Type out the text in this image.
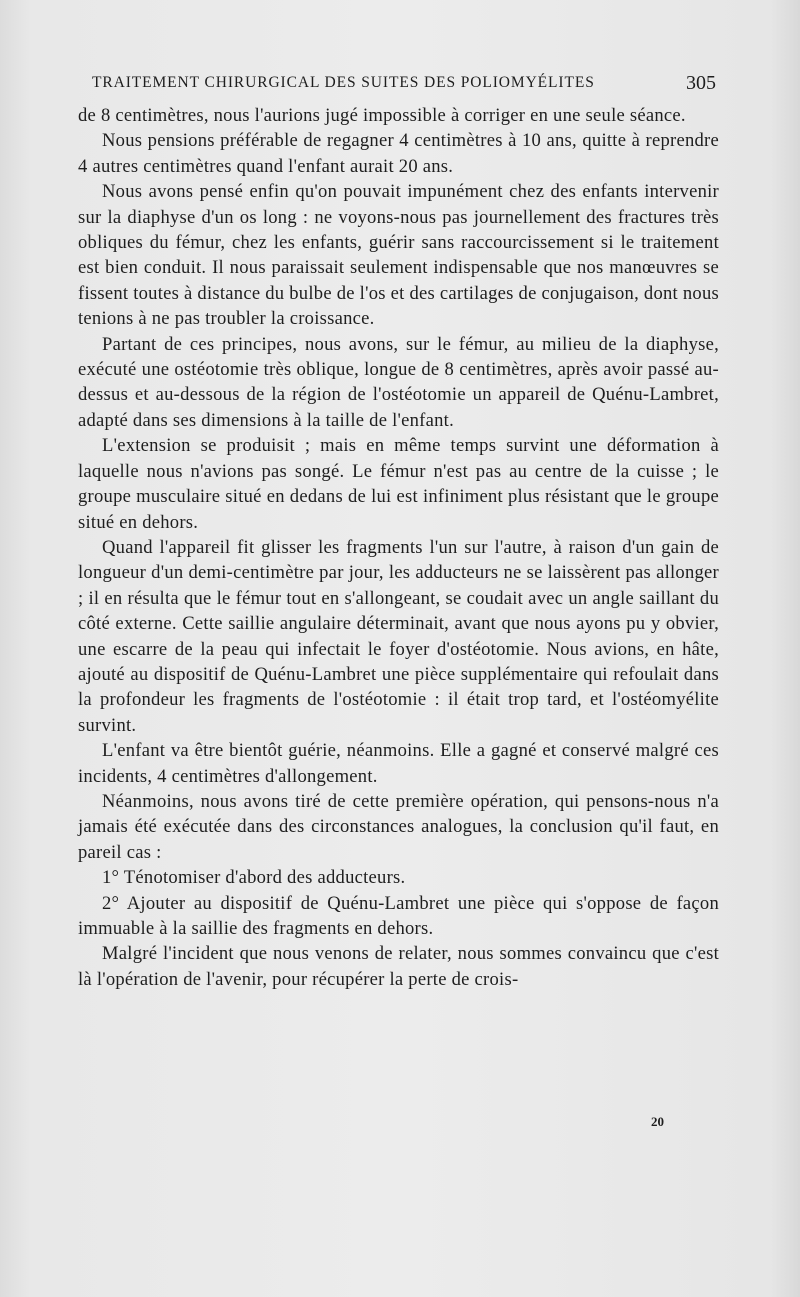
TRAITEMENT CHIRURGICAL DES SUITES DES POLIOMYÉLITES	305

de 8 centimètres, nous l'aurions jugé impossible à corriger en une seule séance.

Nous pensions préférable de regagner 4 centimètres à 10 ans, quitte à reprendre 4 autres centimètres quand l'enfant aurait 20 ans.

Nous avons pensé enfin qu'on pouvait impunément chez des enfants intervenir sur la diaphyse d'un os long : ne voyons-nous pas journellement des fractures très obliques du fémur, chez les enfants, guérir sans raccourcissement si le traitement est bien conduit. Il nous paraissait seulement indispensable que nos manœuvres se fissent toutes à distance du bulbe de l'os et des cartilages de conjugaison, dont nous tenions à ne pas troubler la croissance.

Partant de ces principes, nous avons, sur le fémur, au milieu de la diaphyse, exécuté une ostéotomie très oblique, longue de 8 centimètres, après avoir passé au-dessus et au-dessous de la région de l'ostéotomie un appareil de Quénu-Lambret, adapté dans ses dimensions à la taille de l'enfant.

L'extension se produisit ; mais en même temps survint une déformation à laquelle nous n'avions pas songé. Le fémur n'est pas au centre de la cuisse ; le groupe musculaire situé en dedans de lui est infiniment plus résistant que le groupe situé en dehors.

Quand l'appareil fit glisser les fragments l'un sur l'autre, à raison d'un gain de longueur d'un demi-centimètre par jour, les adducteurs ne se laissèrent pas allonger ; il en résulta que le fémur tout en s'allongeant, se coudait avec un angle saillant du côté externe. Cette saillie angulaire déterminait, avant que nous ayons pu y obvier, une escarre de la peau qui infectait le foyer d'ostéotomie. Nous avions, en hâte, ajouté au dispositif de Quénu-Lambret une pièce supplémentaire qui refoulait dans la profondeur les fragments de l'ostéotomie : il était trop tard, et l'ostéomyélite survint.

L'enfant va être bientôt guérie, néanmoins. Elle a gagné et conservé malgré ces incidents, 4 centimètres d'allongement.

Néanmoins, nous avons tiré de cette première opération, qui pensons-nous n'a jamais été exécutée dans des circonstances analogues, la conclusion qu'il faut, en pareil cas :

1° Ténotomiser d'abord des adducteurs.

2° Ajouter au dispositif de Quénu-Lambret une pièce qui s'oppose de façon immuable à la saillie des fragments en dehors.

Malgré l'incident que nous venons de relater, nous sommes convaincu que c'est là l'opération de l'avenir, pour récupérer la perte de crois-

20
